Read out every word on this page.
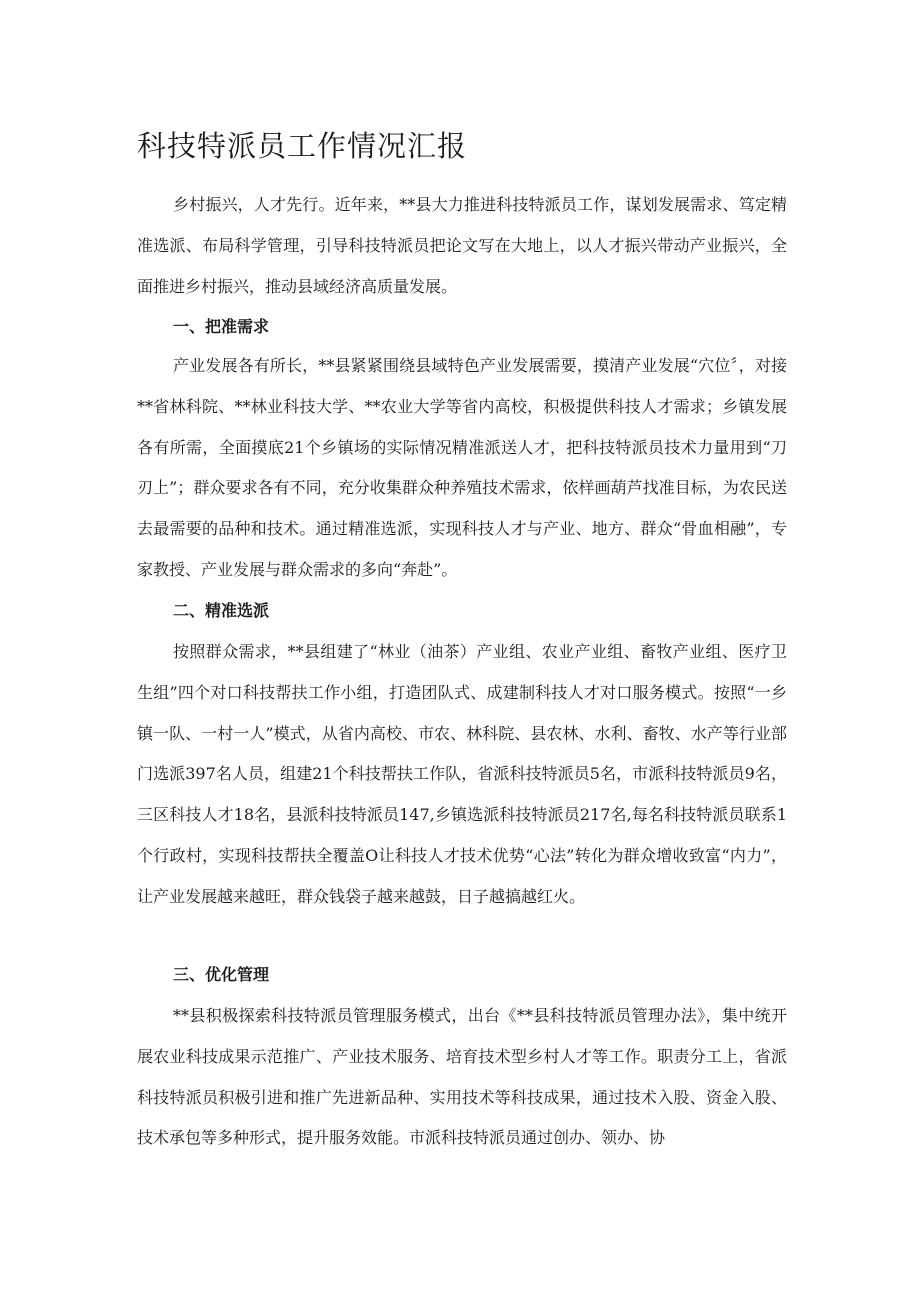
科技特派员工作情况汇报

乡村振兴，人才先行。近年来，**县大力推进科技特派员工作，谋划发展需求、笃定精准选派、布局科学管理，引导科技特派员把论文写在大地上，以人才振兴带动产业振兴，全面推进乡村振兴，推动县域经济高质量发展。

一、把准需求

产业发展各有所长，**县紧紧围绕县域特色产业发展需要，摸清产业发展“穴位〞，对接**省林科院、**林业科技大学、**农业大学等省内高校，积极提供科技人才需求；乡镇发展各有所需，全面摸底21个乡镇场的实际情况精准派送人才，把科技特派员技术力量用到“刀刃上”；群众要求各有不同，充分收集群众种养殖技术需求，依样画葫芦找准目标，为农民送去最需要的品种和技术。通过精准选派，实现科技人才与产业、地方、群众“骨血相融”，专家教授、产业发展与群众需求的多向“奔赴”。

二、精准选派

按照群众需求，**县组建了“林业（油茶）产业组、农业产业组、畜牧产业组、医疗卫生组”四个对口科技帮扶工作小组，打造团队式、成建制科技人才对口服务模式。按照“一乡镇一队、一村一人”模式，从省内高校、市农、林科院、县农林、水利、畜牧、水产等行业部门选派397名人员，组建21个科技帮扶工作队，省派科技特派员5名，市派科技特派员9名，三区科技人才18名，县派科技特派员147,乡镇选派科技特派员217名,每名科技特派员联系1个行政村，实现科技帮扶全覆盖O让科技人才技术优势“心法”转化为群众增收致富“内力”，让产业发展越来越旺，群众钱袋子越来越鼓，日子越搞越红火。

三、优化管理

**县积极探索科技特派员管理服务模式，出台《**县科技特派员管理办法》，集中统开展农业科技成果示范推广、产业技术服务、培育技术型乡村人才等工作。职责分工上，省派科技特派员积极引进和推广先进新品种、实用技术等科技成果，通过技术入股、资金入股、技术承包等多种形式，提升服务效能。市派科技特派员通过创办、领办、协
